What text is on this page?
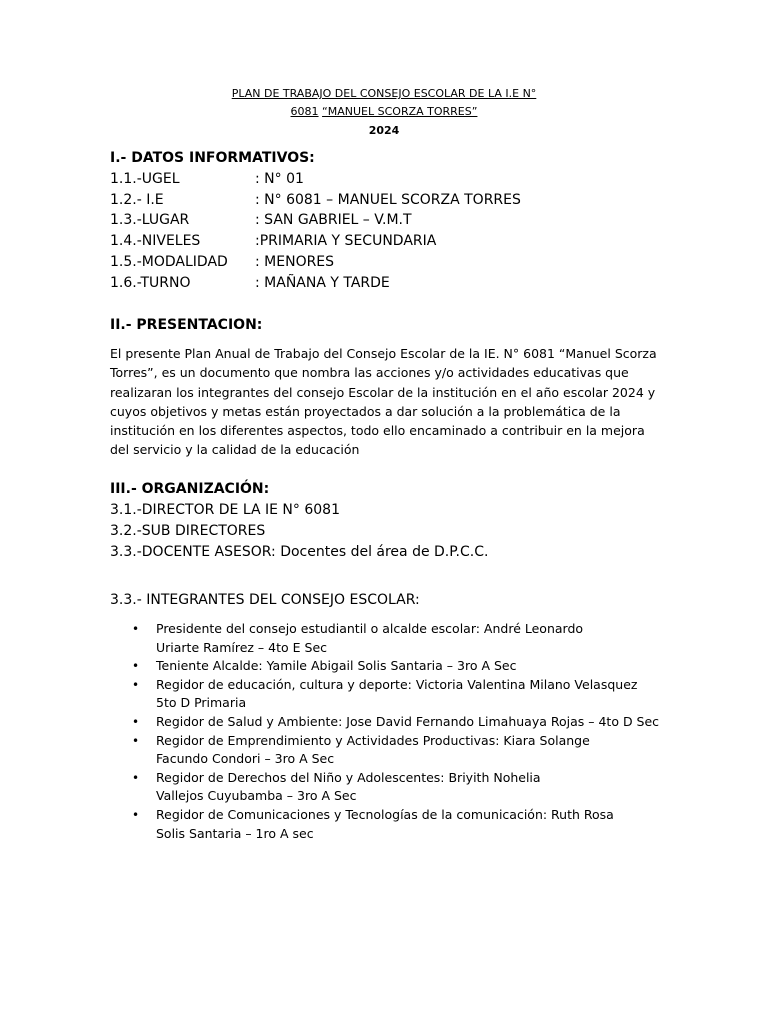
PLAN DE TRABAJO DEL CONSEJO ESCOLAR DE LA I.E N°
6081 “MANUEL SCORZA TORRES”
2024
I.- DATOS INFORMATIVOS:
1.1.-UGEL	: N° 01
1.2.- I.E	: N° 6081 – MANUEL SCORZA TORRES
1.3.-LUGAR	: SAN GABRIEL – V.M.T
1.4.-NIVELES	:PRIMARIA Y SECUNDARIA
1.5.-MODALIDAD: MENORES
1.6.-TURNO	: MAÑANA Y TARDE
II.- PRESENTACION:
El presente Plan Anual de Trabajo del Consejo Escolar de la IE. N° 6081 “Manuel Scorza
Torres”, es un documento que nombra las acciones y/o actividades educativas que
realizaran los integrantes del consejo Escolar de la institución en el año escolar 2024 y
cuyos objetivos y metas están proyectados a dar solución a la problemática de la
institución en los diferentes aspectos, todo ello encaminado a contribuir en la mejora
del servicio y la calidad de la educación
III.- ORGANIZACIÓN:
3.1.-DIRECTOR DE LA IE N° 6081
3.2.-SUB DIRECTORES
3.3.-DOCENTE ASESOR: Docentes del área de D.P.C.C.
3.3.- INTEGRANTES DEL CONSEJO ESCOLAR:
• Presidente del consejo estudiantil o alcalde escolar: André Leonardo
Uriarte Ramírez – 4to E Sec
• Teniente Alcalde: Yamile Abigail Solis Santaria – 3ro A Sec
• Regidor de educación, cultura y deporte: Victoria Valentina Milano Velasquez
5to D Primaria
• Regidor de Salud y Ambiente: Jose David Fernando Limahuaya Rojas – 4to D Sec
• Regidor de Emprendimiento y Actividades Productivas: Kiara Solange
Facundo Condori – 3ro A Sec
• Regidor de Derechos del Niño y Adolescentes: Briyith Nohelia
Vallejos Cuyubamba – 3ro A Sec
• Regidor de Comunicaciones y Tecnologías de la comunicación: Ruth Rosa
Solis Santaria – 1ro A sec
